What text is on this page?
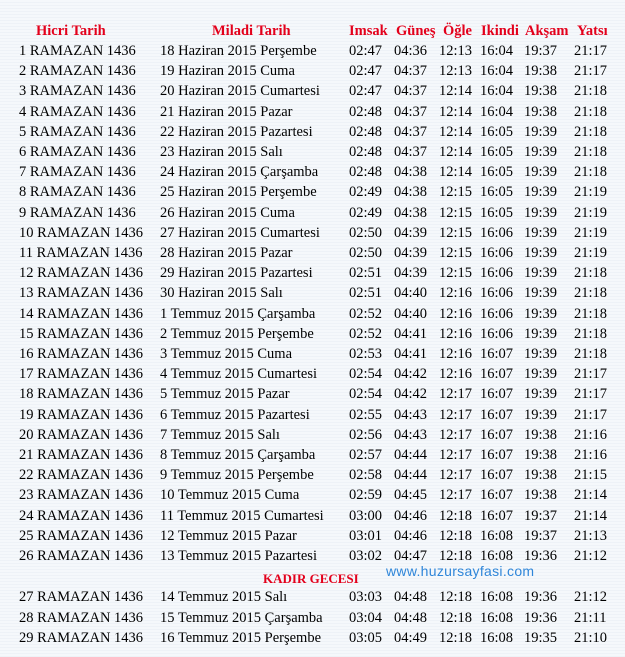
Hicri Tarih	Miladi Tarih	Imsak Güneş Öğle Ikindi Akşam Yatsı
1 RAMAZAN 1436 18 Haziran 2015 Perşembe 02:47 04:36 12:13 16:04 19:37 21:17
2 RAMAZAN 1436 19 Haziran 2015 Cuma	02:47 04:37 12:13 16:04 19:38 21:17
3 RAMAZAN 1436 20 Haziran 2015 Cumartesi 02:47 04:37 12:14 16:04 19:38 21:18
4 RAMAZAN 1436 21 Haziran 2015 Pazar	02:48 04:37 12:14 16:04 19:38 21:18
5 RAMAZAN 1436 22 Haziran 2015 Pazartesi	02:48 04:37 12:14 16:05 19:39 21:18
6 RAMAZAN 1436 23 Haziran 2015 Salı	02:48 04:37 12:14 16:05 19:39 21:18
7 RAMAZAN 1436 24 Haziran 2015 Çarşamba 02:48 04:38 12:14 16:05 19:39 21:18
8 RAMAZAN 1436 25 Haziran 2015 Perşembe 02:49 04:38 12:15 16:05 19:39 21:19
9 RAMAZAN 1436 26 Haziran 2015 Cuma	02:49 04:38 12:15 16:05 19:39 21:19
10 RAMAZAN 1436 27 Haziran 2015 Cumartesi 02:50 04:39 12:15 16:06 19:39 21:19
11 RAMAZAN 1436 28 Haziran 2015 Pazar	02:50 04:39 12:15 16:06 19:39 21:19
12 RAMAZAN 1436 29 Haziran 2015 Pazartesi	02:51 04:39 12:15 16:06 19:39 21:18
13 RAMAZAN 1436 30 Haziran 2015 Salı	02:51 04:40 12:16 16:06 19:39 21:18
14 RAMAZAN 1436 1 Temmuz 2015 Çarşamba 02:52 04:40 12:16 16:06 19:39 21:18
15 RAMAZAN 1436 2 Temmuz 2015 Perşembe 02:52 04:41 12:16 16:06 19:39 21:18
16 RAMAZAN 1436 3 Temmuz 2015 Cuma	02:53 04:41 12:16 16:07 19:39 21:18
17 RAMAZAN 1436 4 Temmuz 2015 Cumartesi 02:54 04:42 12:16 16:07 19:39 21:17
18 RAMAZAN 1436 5 Temmuz 2015 Pazar	02:54 04:42 12:17 16:07 19:39 21:17
19 RAMAZAN 1436 6 Temmuz 2015 Pazartesi	02:55 04:43 12:17 16:07 19:39 21:17
20 RAMAZAN 1436 7 Temmuz 2015 Salı	02:56 04:43 12:17 16:07 19:38 21:16
21 RAMAZAN 1436 8 Temmuz 2015 Çarşamba 02:57 04:44 12:17 16:07 19:38 21:16
22 RAMAZAN 1436 9 Temmuz 2015 Perşembe 02:58 04:44 12:17 16:07 19:38 21:15
23 RAMAZAN 1436 10 Temmuz 2015 Cuma	02:59 04:45 12:17 16:07 19:38 21:14
24 RAMAZAN 1436 11 Temmuz 2015 Cumartesi 03:00 04:46 12:18 16:07 19:37 21:14
25 RAMAZAN 1436 12 Temmuz 2015 Pazar	03:01 04:46 12:18 16:08 19:37 21:13
26 RAMAZAN 1436 13 Temmuz 2015 Pazartesi 03:02 04:47 12:18 16:08 19:36 21:12
KADIR GECESI www.huzursayfasi.com
27 RAMAZAN 1436 14 Temmuz 2015 Salı	03:03 04:48 12:18 16:08 19:36 21:12
28 RAMAZAN 1436 15 Temmuz 2015 Çarşamba 03:04 04:48 12:18 16:08 19:36 21:11
29 RAMAZAN 1436 16 Temmuz 2015 Perşembe 03:05 04:49 12:18 16:08 19:35 21:10
